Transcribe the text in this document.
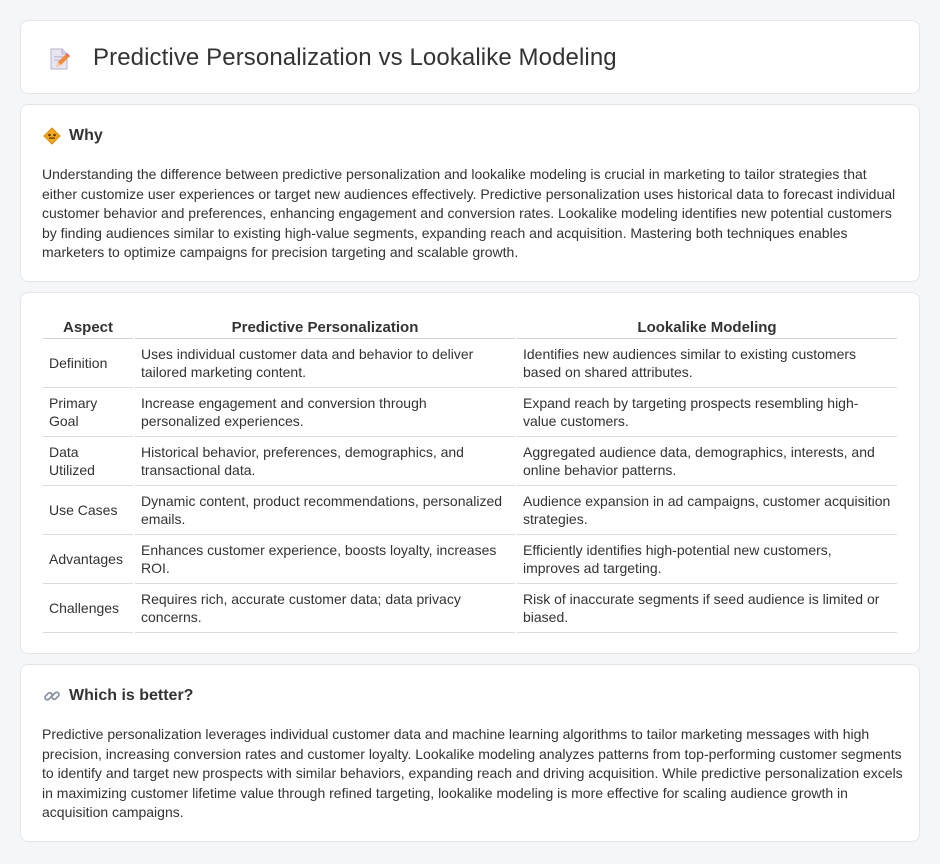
Predictive Personalization vs Lookalike Modeling
Why

Understanding the difference between predictive personalization and lookalike modeling is crucial in marketing to tailor strategies that either customize user experiences or target new audiences effectively. Predictive personalization uses historical data to forecast individual customer behavior and preferences, enhancing engagement and conversion rates. Lookalike modeling identifies new potential customers by finding audiences similar to existing high-value segments, expanding reach and acquisition. Mastering both techniques enables marketers to optimize campaigns for precision targeting and scalable growth.

Aspect	Predictive Personalization	Lookalike Modeling
Definition	Uses individual customer data and behavior to deliver tailored marketing content.	Identifies new audiences similar to existing customers based on shared attributes.
Primary Goal	Increase engagement and conversion through personalized experiences.	Expand reach by targeting prospects resembling high-value customers.
Data Utilized	Historical behavior, preferences, demographics, and transactional data.	Aggregated audience data, demographics, interests, and online behavior patterns.
Use Cases	Dynamic content, product recommendations, personalized emails.	Audience expansion in ad campaigns, customer acquisition strategies.
Advantages	Enhances customer experience, boosts loyalty, increases ROI.	Efficiently identifies high-potential new customers, improves ad targeting.
Challenges	Requires rich, accurate customer data; data privacy concerns.	Risk of inaccurate segments if seed audience is limited or biased.
Which is better?

Predictive personalization leverages individual customer data and machine learning algorithms to tailor marketing messages with high precision, increasing conversion rates and customer loyalty. Lookalike modeling analyzes patterns from top-performing customer segments to identify and target new prospects with similar behaviors, expanding reach and driving acquisition. While predictive personalization excels in maximizing customer lifetime value through refined targeting, lookalike modeling is more effective for scaling audience growth in acquisition campaigns.
